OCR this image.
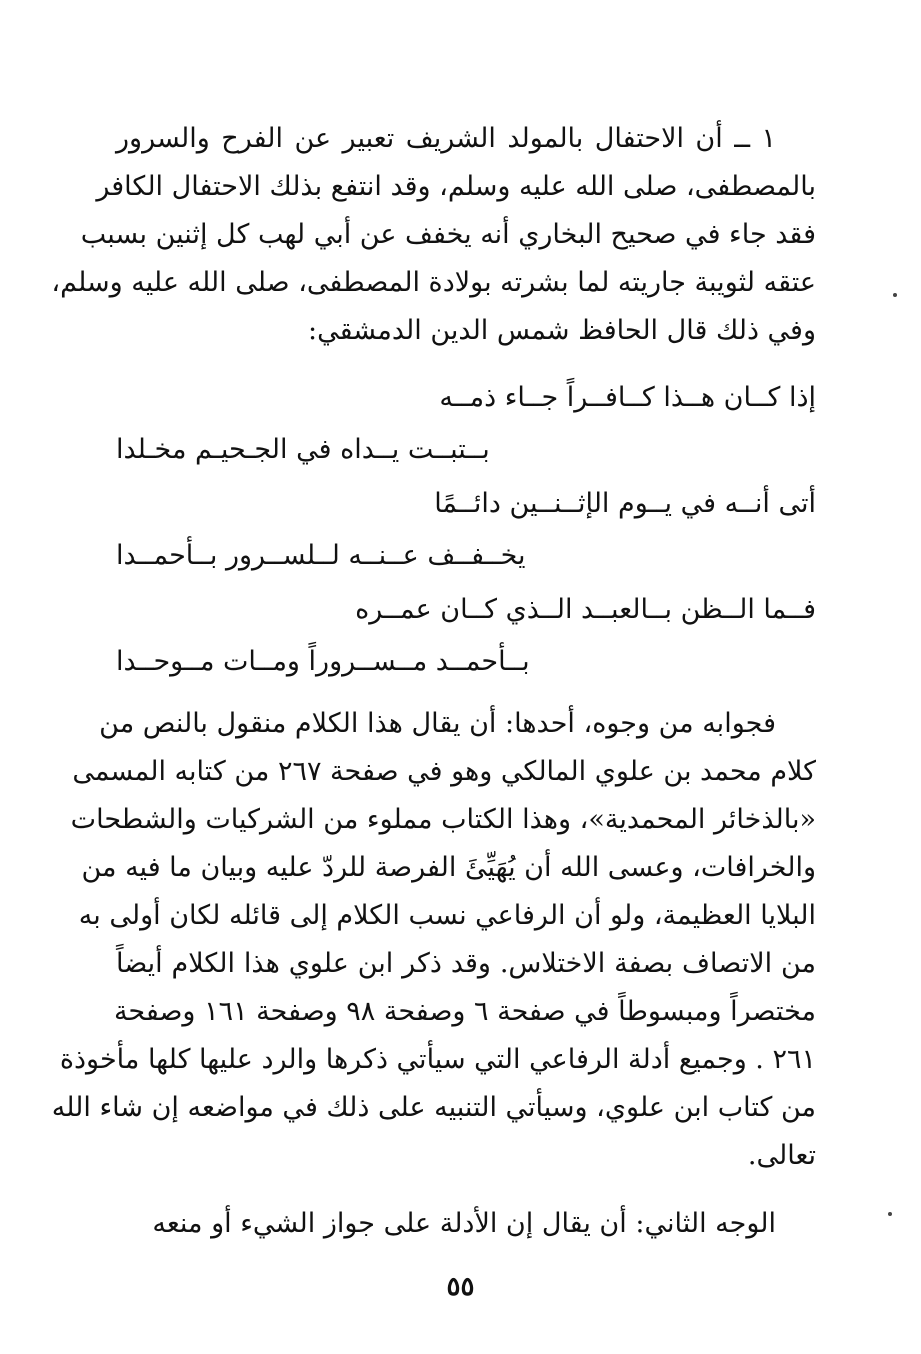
١ ــ أن الاحتفال بالمولد الشريف تعبير عن الفرح والسرور
بالمصطفى، صلى الله عليه وسلم، وقد انتفع بذلك الاحتفال الكافر
فقد جاء في صحيح البخاري أنه يخفف عن أبي لهب كل إثنين بسبب
عتقه لثويبة جاريته لما بشرته بولادة المصطفى، صلى الله عليه وسلم،
وفي ذلك قال الحافظ شمس الدين الدمشقي:
إذا كــان هــذا كــافــراً جــاء ذمــه
بــتبــت يــداه في الجـحيـم مخـلدا
أتى أنــه في يــوم الإثــنــين دائــمًا
يخــفــف عــنــه لــلســرور بــأحمــدا
فــما الــظن بــالعبــد الــذي كــان عمــره
بــأحمــد مــســروراً ومــات مــوحــدا
فجوابه من وجوه، أحدها: أن يقال هذا الكلام منقول بالنص من
كلام محمد بن علوي المالكي وهو في صفحة ٢٦٧ من كتابه المسمى
«بالذخائر المحمدية»، وهذا الكتاب مملوء من الشركيات والشطحات
والخرافات، وعسى الله أن يُهَيِّئَ الفرصة للردّ عليه وبيان ما فيه من
البلايا العظيمة، ولو أن الرفاعي نسب الكلام إلى قائله لكان أولى به
من الاتصاف بصفة الاختلاس. وقد ذكر ابن علوي هذا الكلام أيضاً
مختصراً ومبسوطاً في صفحة ٦ وصفحة ٩٨ وصفحة ١٦١ وصفحة
٢٦١ . وجميع أدلة الرفاعي التي سيأتي ذكرها والرد عليها كلها مأخوذة
من كتاب ابن علوي، وسيأتي التنبيه على ذلك في مواضعه إن شاء الله
تعالى.
الوجه الثاني: أن يقال إن الأدلة على جواز الشيء أو منعه
٥٥
